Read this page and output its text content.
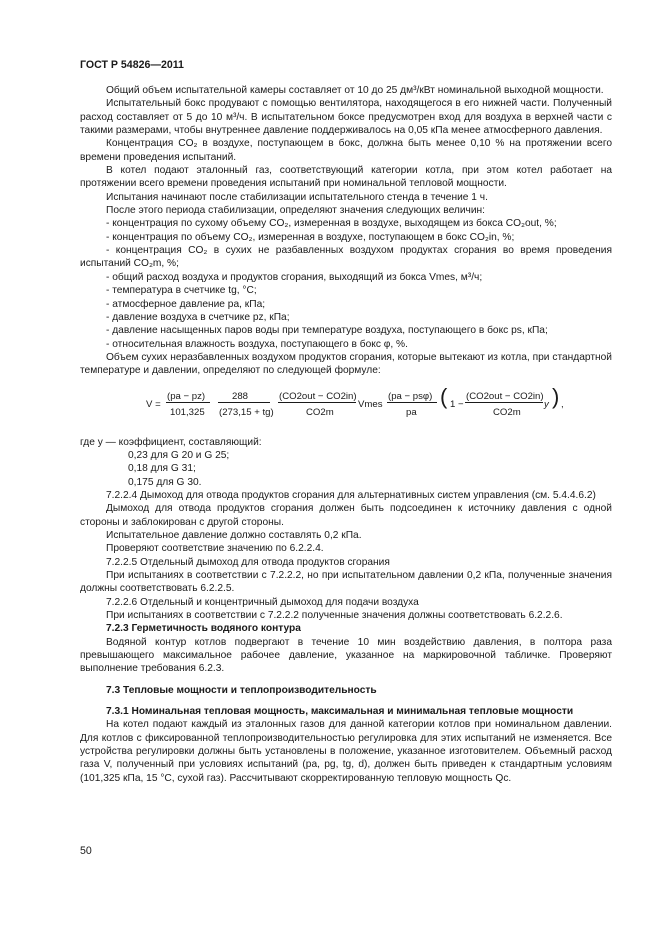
ГОСТ Р 54826—2011

Общий объем испытательной камеры составляет от 10 до 25 дм³/кВт номинальной выходной мощности.

Испытательный бокс продувают с помощью вентилятора, находящегося в его нижней части. Полученный расход составляет от 5 до 10 м³/ч. В испытательном боксе предусмотрен вход для воздуха в верхней части с такими размерами, чтобы внутреннее давление поддерживалось на 0,05 кПа менее атмосферного давления.

Концентрация CO₂ в воздухе, поступающем в бокс, должна быть менее 0,10 % на протяжении всего времени проведения испытаний.

В котел подают эталонный газ, соответствующий категории котла, при этом котел работает на протяжении всего времени проведения испытаний при номинальной тепловой мощности.

Испытания начинают после стабилизации испытательного стенда в течение 1 ч.

После этого периода стабилизации, определяют значения следующих величин:

- концентрация по сухому объему CO₂, измеренная в воздухе, выходящем из бокса CO₂out, %;

- концентрация по объему CO₂, измеренная в воздухе, поступающем в бокс CO₂in, %;

- концентрация CO₂ в сухих не разбавленных воздухом продуктах сгорания во время проведения испытаний CO₂m, %;

- общий расход воздуха и продуктов сгорания, выходящий из бокса Vmes, м³/ч;

- температура в счетчике tg, °C;

- атмосферное давление pa, кПа;

- давление воздуха в счетчике pz, кПа;

- давление насыщенных паров воды при температуре воздуха, поступающего в бокс ps, кПа;

- относительная влажность воздуха, поступающего в бокс φ, %.

Объем сухих неразбавленных воздухом продуктов сгорания, которые вытекают из котла, при стандартной температуре и давлении, определяют по следующей формуле:

V =
(pa − pz)
101,325
288
(273,15 + tg)
(CO2out − CO2in)
CO2m
Vmes
(pa − psφ)
pa
( 1 −
(CO2out − CO2in)
CO2m
y ) ,

где y — коэффициент, составляющий:

0,23 для G 20 и G 25;

0,18 для G 31;

0,175 для G 30.

7.2.2.4 Дымоход для отвода продуктов сгорания для альтернативных систем управления (см. 5.4.4.6.2)

Дымоход для отвода продуктов сгорания должен быть подсоединен к источнику давления с одной стороны и заблокирован с другой стороны.

Испытательное давление должно составлять 0,2 кПа.

Проверяют соответствие значению по 6.2.2.4.

7.2.2.5 Отдельный дымоход для отвода продуктов сгорания

При испытаниях в соответствии с 7.2.2.2, но при испытательном давлении 0,2 кПа, полученные значения должны соответствовать 6.2.2.5.

7.2.2.6 Отдельный и концентричный дымоход для подачи воздуха

При испытаниях в соответствии с 7.2.2.2 полученные значения должны соответствовать 6.2.2.6.

7.2.3 Герметичность водяного контура

Водяной контур котлов подвергают в течение 10 мин воздействию давления, в полтора раза превышающего максимальное рабочее давление, указанное на маркировочной табличке. Проверяют выполнение требования 6.2.3.

7.3 Тепловые мощности и теплопроизводительность

7.3.1 Номинальная тепловая мощность, максимальная и минимальная тепловые мощности

На котел подают каждый из эталонных газов для данной категории котлов при номинальном давлении. Для котлов с фиксированной теплопроизводительностью регулировка для этих испытаний не изменяется. Все устройства регулировки должны быть установлены в положение, указанное изготовителем. Объемный расход газа V, полученный при условиях испытаний (pa, pg, tg, d), должен быть приведен к стандартным условиям (101,325 кПа, 15 °C, сухой газ). Рассчитывают скорректированную тепловую мощность Qc.

50
